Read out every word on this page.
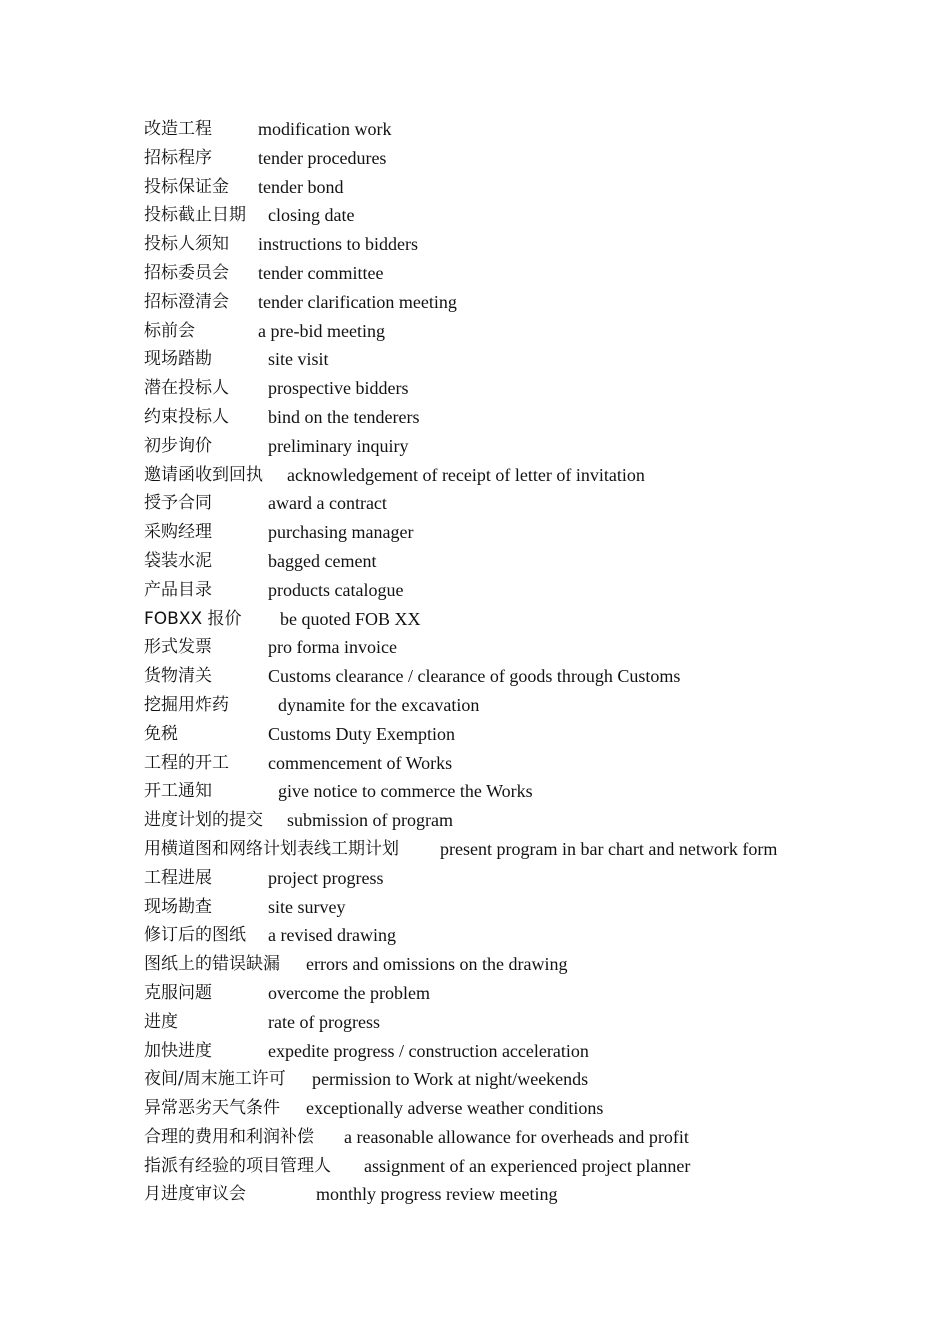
改造工程	modification work
招标程序	tender procedures
投标保证金 tender bond
投标截止日期 closing date
投标人须知 instructions to bidders
招标委员会 tender committee
招标澄清会 tender clarification meeting
标前会	a pre-bid meeting
现场踏勘	site visit
潜在投标人 prospective bidders
约束投标人 bind on the tenderers
初步询价	preliminary inquiry
邀请函收到回执 acknowledgement of receipt of letter of invitation
授予合同	award a contract
采购经理	purchasing manager
袋装水泥	bagged cement
产品目录	products catalogue
FOBXX 报价 be quoted FOB XX
形式发票	pro forma invoice
货物清关	Customs clearance / clearance of goods through Customs
挖掘用炸药	dynamite for the excavation
免税	Customs Duty Exemption
工程的开工 commencement of Works
开工通知	give notice to commerce the Works
进度计划的提交 submission of program
用横道图和网络计划表线工期计划 present program in bar chart and network form
工程进展	project progress
现场勘查	site survey
修订后的图纸 a revised drawing
图纸上的错误缺漏 errors and omissions on the drawing
克服问题	overcome the problem
进度	rate of progress
加快进度	expedite progress / construction acceleration
夜间/周末施工许可 permission to Work at night/weekends
异常恶劣天气条件 exceptionally adverse weather conditions
合理的费用和利润补偿 a reasonable allowance for overheads and profit
指派有经验的项目管理人 assignment of an experienced project planner
月进度审议会	monthly progress review meeting
